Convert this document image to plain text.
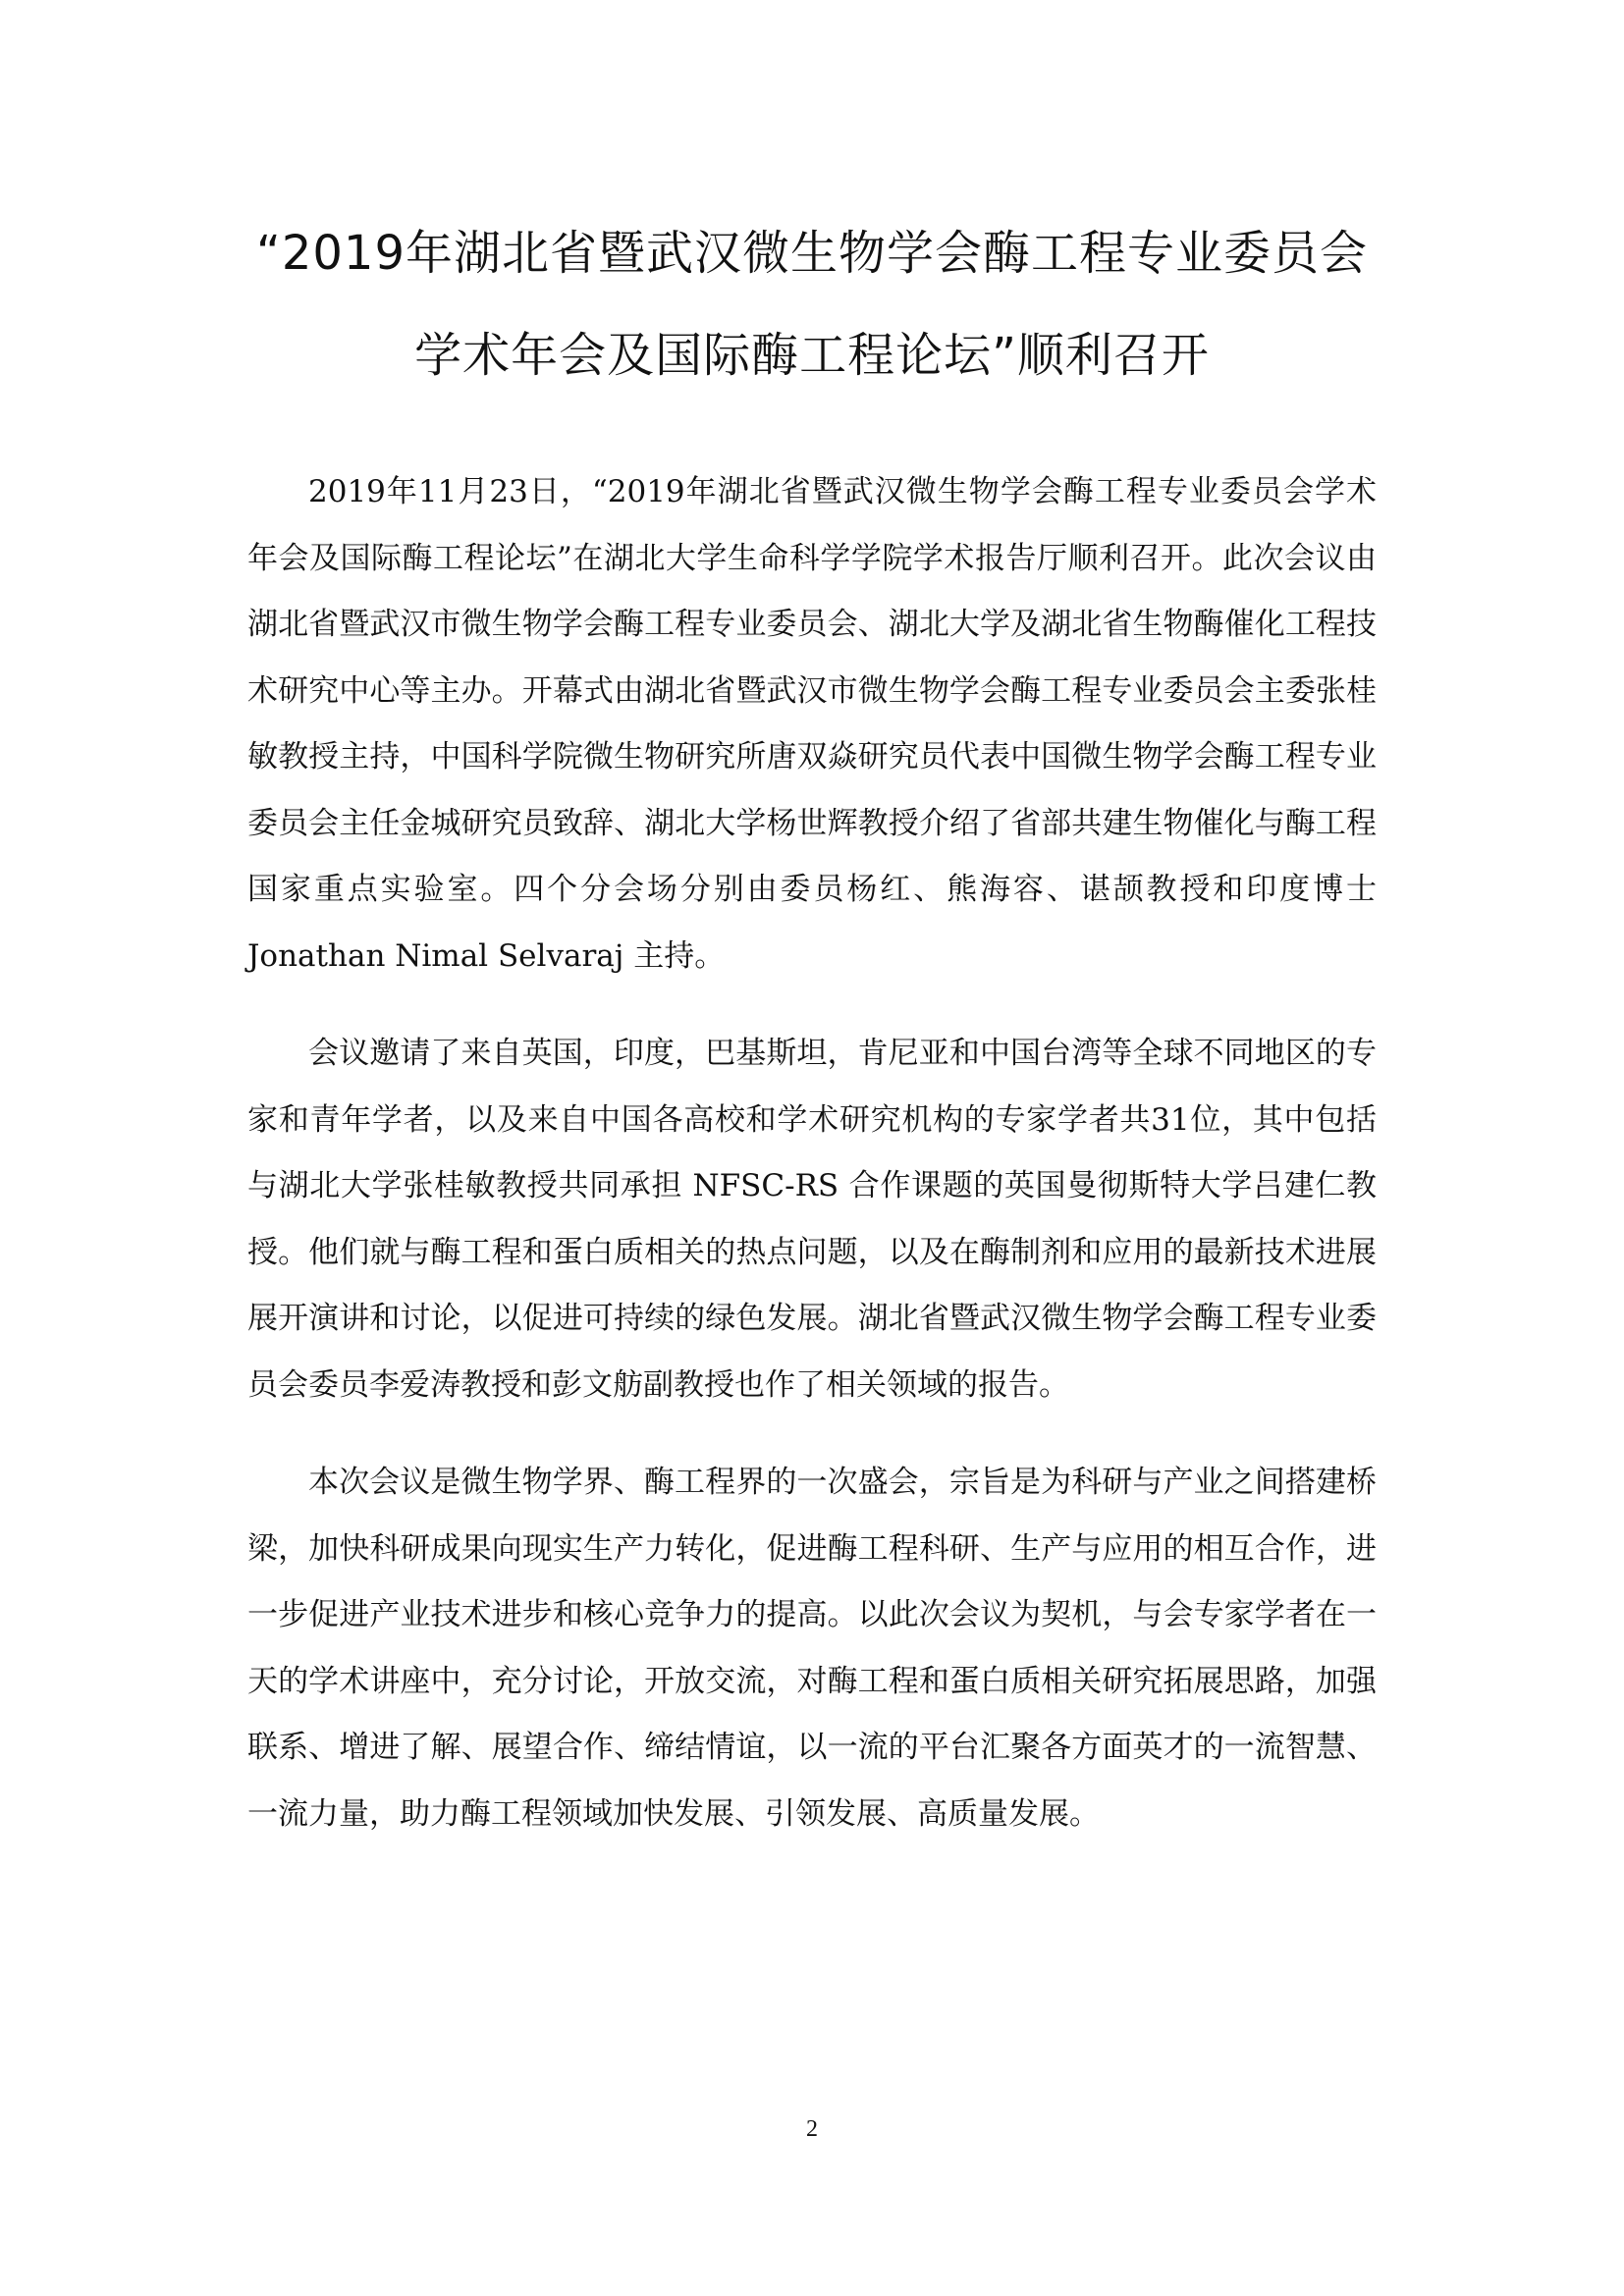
“2019年湖北省暨武汉微生物学会酶工程专业委员会
学术年会及国际酶工程论坛”顺利召开

2019年11月23日，“2019年湖北省暨武汉微生物学会酶工程专业委员会学术年会及国际酶工程论坛”在湖北大学生命科学学院学术报告厅顺利召开。此次会议由湖北省暨武汉市微生物学会酶工程专业委员会、湖北大学及湖北省生物酶催化工程技术研究中心等主办。开幕式由湖北省暨武汉市微生物学会酶工程专业委员会主委张桂敏教授主持，中国科学院微生物研究所唐双焱研究员代表中国微生物学会酶工程专业委员会主任金城研究员致辞、湖北大学杨世辉教授介绍了省部共建生物催化与酶工程国家重点实验室。四个分会场分别由委员杨红、熊海容、谌颉教授和印度博士 Jonathan Nimal Selvaraj 主持。

会议邀请了来自英国，印度，巴基斯坦，肯尼亚和中国台湾等全球不同地区的专家和青年学者，以及来自中国各高校和学术研究机构的专家学者共31位，其中包括与湖北大学张桂敏教授共同承担 NFSC-RS 合作课题的英国曼彻斯特大学吕建仁教授。他们就与酶工程和蛋白质相关的热点问题，以及在酶制剂和应用的最新技术进展展开演讲和讨论，以促进可持续的绿色发展。湖北省暨武汉微生物学会酶工程专业委员会委员李爱涛教授和彭文舫副教授也作了相关领域的报告。

本次会议是微生物学界、酶工程界的一次盛会，宗旨是为科研与产业之间搭建桥梁，加快科研成果向现实生产力转化，促进酶工程科研、生产与应用的相互合作，进一步促进产业技术进步和核心竞争力的提高。以此次会议为契机，与会专家学者在一天的学术讲座中，充分讨论，开放交流，对酶工程和蛋白质相关研究拓展思路，加强联系、增进了解、展望合作、缔结情谊，以一流的平台汇聚各方面英才的一流智慧、一流力量，助力酶工程领域加快发展、引领发展、高质量发展。

2
